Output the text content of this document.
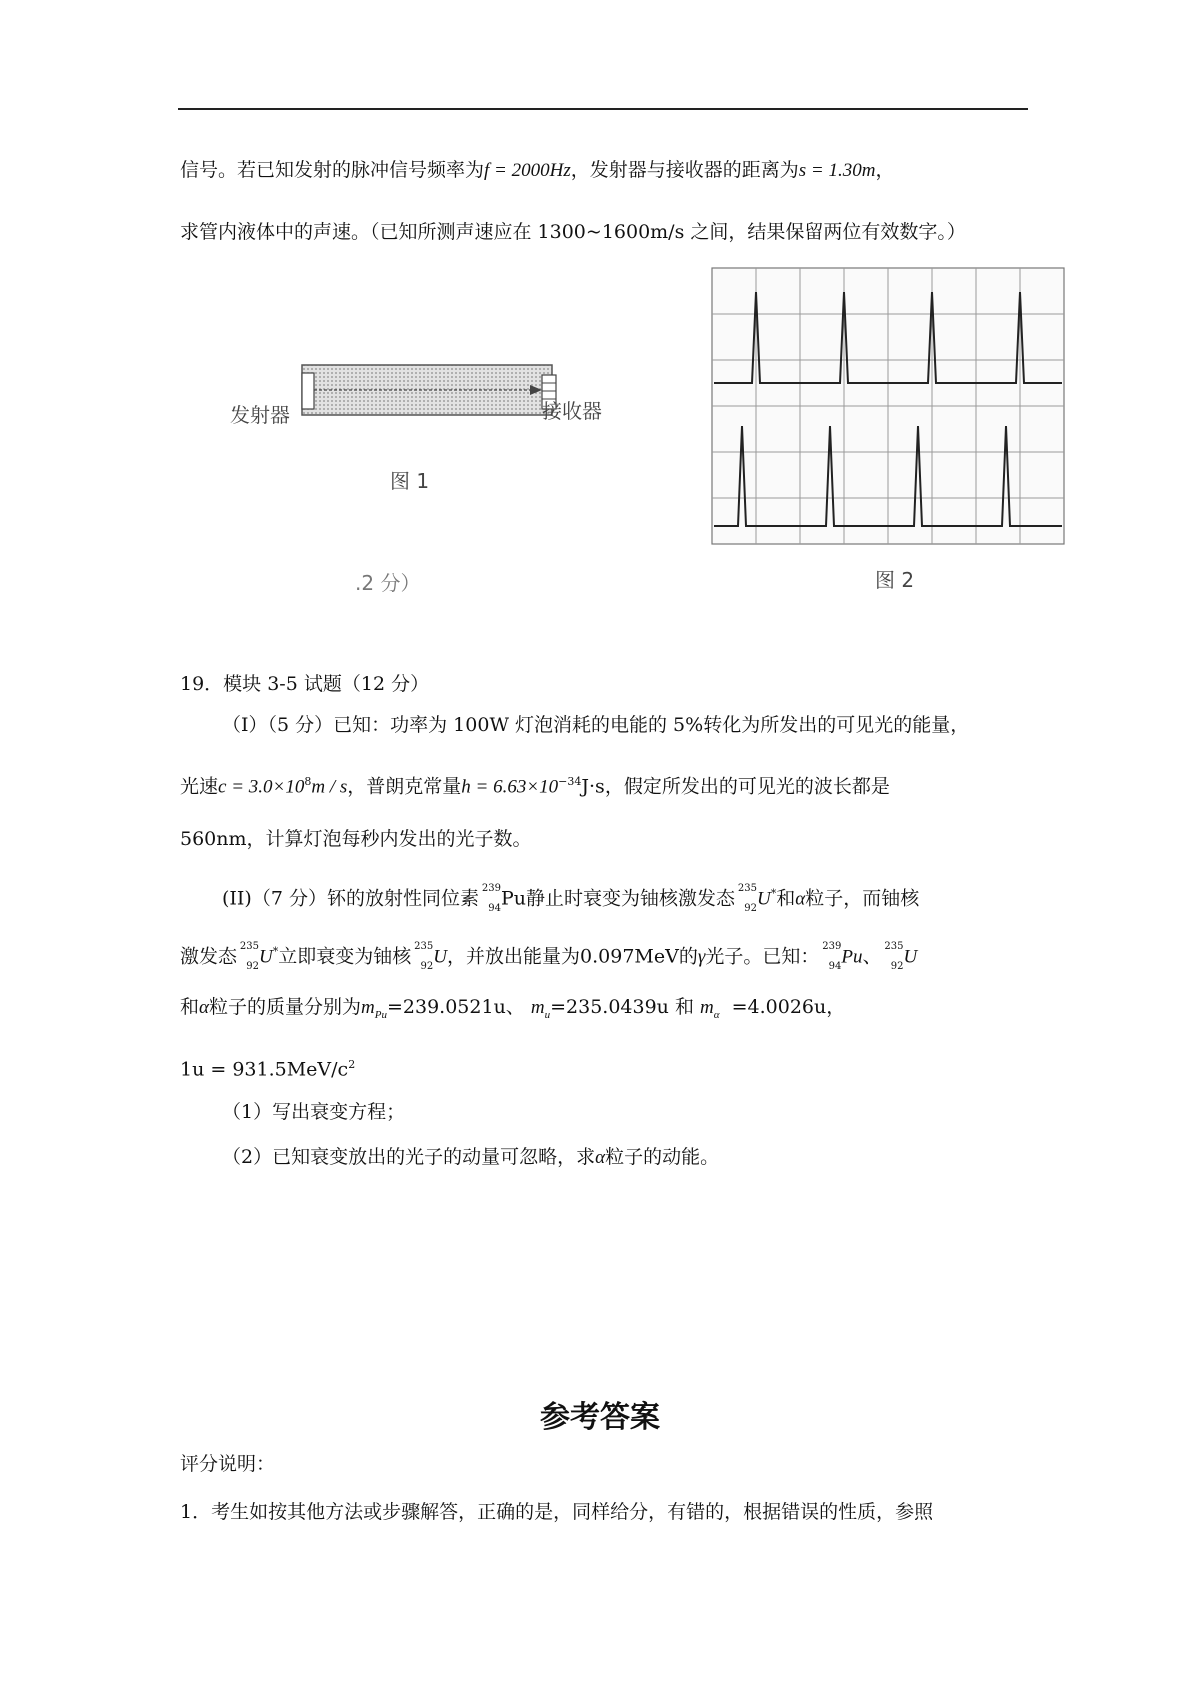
信号。若已知发射的脉冲信号频率为f = 2000Hz，发射器与接收器的距离为s = 1.30m，
求管内液体中的声速。（已知所测声速应在 1300~1600m/s 之间，结果保留两位有效数字。）
发射器	接收器
图 1
.2 分）	图 2
19．模块 3-5 试题（12 分）
（I）（5 分）已知：功率为 100W 灯泡消耗的电能的 5%转化为所发出的可见光的能量，
光速$c = 3.0\times 10^8m / s$，普朗克常量$h = 6.63\times 10^{-34}J\cdot s$，假定所发出的可见光的波长都是
560nm，计算灯泡每秒内发出的光子数。
(II)（7 分）钚的放射性同位素 239
94 Pu静止时衰变为铀核激发态 235
92 U*和α粒子，而铀核
激发态 235
92 U*立即衰变为铀核 235
92 U，并放出能量为0.097MeV的γ光子。已知： 239
94 Pu、 235
92 U
和α粒子的质量分别为$m_{Pu}=239.0521u$、 $m_u=235.0439u$ 和 $m_\alpha =4.0026u$，
$1u = 931.5MeV/c^2$
（1）写出衰变方程；
（2）已知衰变放出的光子的动量可忽略，求α粒子的动能。
参考答案
评分说明：
1．考生如按其他方法或步骤解答，正确的是，同样给分，有错的，根据错误的性质，参照
